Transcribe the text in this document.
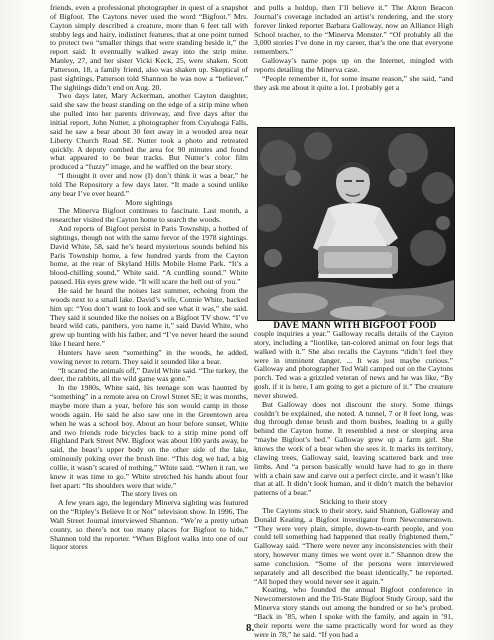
friends, even a professional photographer in quest of a snapshot of Bigfoot. The Caytons never used the word “Bigfoot.” Mrs. Cayton simply described a creature, more than 6 feet tall with stubby legs and hairy, indistinct features, that at one point turned to protect two “smaller things that were standing beside it,” the report said. It eventually walked away into the strip mine. Manley, 27, and her sister Vicki Keck, 25, were shaken. Scott Patterson, 18, a family friend, also was shaken up. Skeptical of past sightings, Patterson told Shannon he was now a “believer.” The sightings didn’t end on Aug. 20.

Two days later, Mary Ackerman, another Cayton daughter, said she saw the beast standing on the edge of a strip mine when she pulled into her parents driveway, and five days after the initial report, John Nutter, a photographer from Cuyahoga Falls, said he saw a bear about 30 feet away in a wooded area near Liberty Church Road SE. Nutter took a photo and retreated quickly. A deputy combed the area for 90 minutes and found what appeared to be bear tracks. But Nutter’s color film produced a “fuzzy” image, and he waffled on the bear story.

“I thought it over and now (I) don’t think it was a bear,” he told The Repository a few days later. “It made a sound unlike any bear I’ve ever heard.”

More sightings

The Minerva Bigfoot continues to fascinate. Last month, a researcher visited the Cayton home to search the woods.

And reports of Bigfoot persist in Paris Township, a hotbed of sightings, though not with the same fervor of the 1978 sightings. David White, 58, said he’s heard mysterious sounds behind his Paris Township home, a few hundred yards from the Cayton home, at the rear of Skyland Hills Mobile Home Park. “It’s a blood-chilling sound,” White said. “A curdling sound.” White paused. His eyes grew wide. “It will scare the hell out of you.”

He said he heard the noises last summer, echoing from the woods next to a small lake. David’s wife, Connie White, backed him up: “You don’t want to look and see what it was,” she said. They said it sounded like the noises on a Bigfoot TV show. “I’ve heard wild cats, panthers, you name it,” said David White, who grew up hunting with his father, and “I’ve never heard the sound like I heard here.”

Hunters have seen “something” in the woods, he added, vowing never to return. They said it sounded like a bear.

“It scared the animals off,” David White said. “The turkey, the deer, the rabbits, all the wild game was gone.”

In the 1980s, White said, his teenage son was haunted by “something” in a remote area on Crowl Street SE; it was months, maybe more than a year, before his son would camp in those woods again. He said he also saw one in the Greentown area when he was a school boy. About an hour before sunset, White and two friends rode bicycles back to a strip mine pond off Highland Park Street NW. Bigfoot was about 100 yards away, he said, the beast’s upper body on the other side of the lake, ominously poking over the brush line. “This dog we had, a big collie, it wasn’t scared of nothing,” White said. “When it ran, we knew it was time to go.” White stretched his hands about four feet apart: “Its shoulders were that wide.”

The story lives on

A few years ago, the legendary Minerva sighting was featured on the “Ripley’s Believe It or Not” television show. In 1996, The Wall Street Journal interviewed Shannon. “We’re a pretty urban county, so there’s not too many places for Bigfoot to hide,” Shannon told the reporter. “When Bigfoot walks into one of our liquor stores

and pulls a holdup, then I’ll believe it.” The Akron Beacon Journal’s coverage included an artist’s rendering, and the story forever linked reporter Barbara Galloway, now an Alliance High School teacher, to the “Minerva Monster.” “Of probably all the 3,000 stories I’ve done in my career, that’s the one that everyone remembers.”

Galloway’s name pops up on the Internet, mingled with reports detailing the Minerva case.

“People remember it, for some insane reason,” she said, “and they ask me about it quite a lot. I probably get a

DAVE MANN WITH BIGFOOT FOOD

couple inquiries a year.” Galloway recalls details of the Cayton story, including a “lionlike, tan-colored animal on four legs that walked with it.” She also recalls the Caytons “didn’t feel they were in imminent danger. ... It was just maybe curious.” Galloway and photographer Ted Wall camped out on the Caytons porch. Ted was a grizzled veteran of news and he was like, “By gosh, if it is here, I am going to get a picture of it.” The creature never showed.

But Galloway does not discount the story. Some things couldn’t be explained, she noted. A tunnel, 7 or 8 feet long, was dug through dense brush and thorn bushes, leading to a gully behind the Cayton home. It resembled a nest or sleeping area “maybe Bigfoot’s bed.” Galloway grew up a farm girl. She knows the work of a bear when she sees it. It marks its territory, clawing trees, Galloway said, leaving scattered bark and tree limbs. And “a person basically would have had to go in there with a chain saw and carve out a perfect circle, and it wasn’t like that at all. It didn’t look human, and it didn’t match the behavior patterns of a bear.”

Sticking to their story

The Caytons stuck to their story, said Shannon, Galloway and Donald Keating, a Bigfoot investigator from Newcomerstown. “They were very plain, simple, down-to-earth people, and you could tell something had happened that really frightened them,” Galloway said. “There were never any inconsistencies with their story, however many times we went over it.” Shannon drew the same conclusion. “Some of the persons were interviewed separately and all described the beast identically,” he reported. “All hoped they would never see it again.”

Keating, who founded the annual Bigfoot conference in Newcomerstown and the Tri-State Bigfoot Study Group, said the Minerva story stands out among the hundred or so he’s probed. “Back in ’85, when I spoke with the family, and again in ’91, their reports were the same practically word for word as they were in 78,” he said. “If you had a

8.
